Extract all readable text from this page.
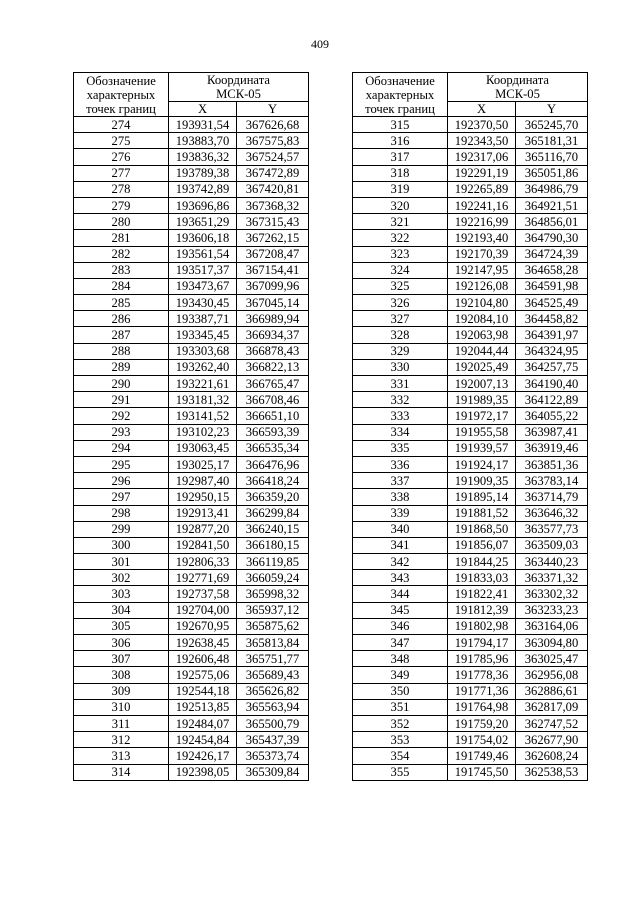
409
Обозначение
характерных
точек границ	Координата
МСК-05	
	X	Y
274	193931,54	367626,68
275	193883,70	367575,83
276	193836,32	367524,57
277	193789,38	367472,89
278	193742,89	367420,81
279	193696,86	367368,32
280	193651,29	367315,43
281	193606,18	367262,15
282	193561,54	367208,47
283	193517,37	367154,41
284	193473,67	367099,96
285	193430,45	367045,14
286	193387,71	366989,94
287	193345,45	366934,37
288	193303,68	366878,43
289	193262,40	366822,13
290	193221,61	366765,47
291	193181,32	366708,46
292	193141,52	366651,10
293	193102,23	366593,39
294	193063,45	366535,34
295	193025,17	366476,96
296	192987,40	366418,24
297	192950,15	366359,20
298	192913,41	366299,84
299	192877,20	366240,15
300	192841,50	366180,15
301	192806,33	366119,85
302	192771,69	366059,24
303	192737,58	365998,32
304	192704,00	365937,12
305	192670,95	365875,62
306	192638,45	365813,84
307	192606,48	365751,77
308	192575,06	365689,43
309	192544,18	365626,82
310	192513,85	365563,94
311	192484,07	365500,79
312	192454,84	365437,39
313	192426,17	365373,74
314	192398,05	365309,84
Обозначение
характерных
точек границ	Координата
МСК-05	
	X	Y
315	192370,50	365245,70
316	192343,50	365181,31
317	192317,06	365116,70
318	192291,19	365051,86
319	192265,89	364986,79
320	192241,16	364921,51
321	192216,99	364856,01
322	192193,40	364790,30
323	192170,39	364724,39
324	192147,95	364658,28
325	192126,08	364591,98
326	192104,80	364525,49
327	192084,10	364458,82
328	192063,98	364391,97
329	192044,44	364324,95
330	192025,49	364257,75
331	192007,13	364190,40
332	191989,35	364122,89
333	191972,17	364055,22
334	191955,58	363987,41
335	191939,57	363919,46
336	191924,17	363851,36
337	191909,35	363783,14
338	191895,14	363714,79
339	191881,52	363646,32
340	191868,50	363577,73
341	191856,07	363509,03
342	191844,25	363440,23
343	191833,03	363371,32
344	191822,41	363302,32
345	191812,39	363233,23
346	191802,98	363164,06
347	191794,17	363094,80
348	191785,96	363025,47
349	191778,36	362956,08
350	191771,36	362886,61
351	191764,98	362817,09
352	191759,20	362747,52
353	191754,02	362677,90
354	191749,46	362608,24
355	191745,50	362538,53
